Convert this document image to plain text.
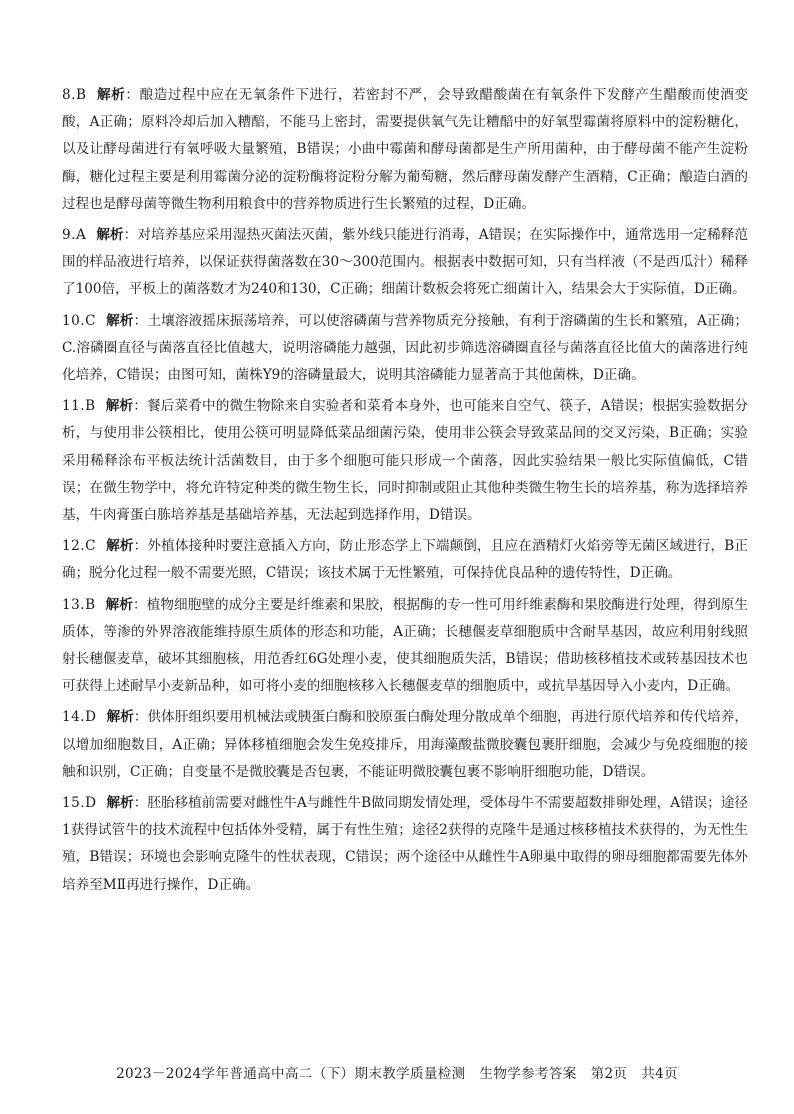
8.B 解析：酿造过程中应在无氧条件下进行，若密封不严，会导致醋酸菌在有氧条件下发酵产生醋酸而使酒变酸，A正确；原料冷却后加入糟醅，不能马上密封，需要提供氧气先让糟醅中的好氧型霉菌将原料中的淀粉糖化，以及让酵母菌进行有氧呼吸大量繁殖，B错误；小曲中霉菌和酵母菌都是生产所用菌种，由于酵母菌不能产生淀粉酶，糖化过程主要是利用霉菌分泌的淀粉酶将淀粉分解为葡萄糖，然后酵母菌发酵产生酒精，C正确；酿造白酒的过程也是酵母菌等微生物利用粮食中的营养物质进行生长繁殖的过程，D正确。

9.A 解析：对培养基应采用湿热灭菌法灭菌，紫外线只能进行消毒，A错误；在实际操作中，通常选用一定稀释范围的样品液进行培养，以保证获得菌落数在30～300范围内。根据表中数据可知，只有当样液（不是西瓜汁）稀释了100倍，平板上的菌落数才为240和130，C正确；细菌计数板会将死亡细菌计入，结果会大于实际值，D正确。

10.C 解析：土壤溶液摇床振荡培养，可以使溶磷菌与营养物质充分接触，有利于溶磷菌的生长和繁殖，A正确；C.溶磷圈直径与菌落直径比值越大，说明溶磷能力越强，因此初步筛选溶磷圈直径与菌落直径比值大的菌落进行纯化培养，C错误；由图可知，菌株Y9的溶磷量最大，说明其溶磷能力显著高于其他菌株，D正确。

11.B 解析：餐后菜肴中的微生物除来自实验者和菜肴本身外，也可能来自空气、筷子，A错误；根据实验数据分析，与使用非公筷相比，使用公筷可明显降低菜品细菌污染，使用非公筷会导致菜品间的交叉污染，B正确；实验采用稀释涂布平板法统计活菌数目，由于多个细胞可能只形成一个菌落，因此实验结果一般比实际值偏低，C错误；在微生物学中，将允许特定种类的微生物生长，同时抑制或阻止其他种类微生物生长的培养基，称为选择培养基，牛肉膏蛋白胨培养基是基础培养基，无法起到选择作用，D错误。

12.C 解析：外植体接种时要注意插入方向，防止形态学上下端颠倒，且应在酒精灯火焰旁等无菌区域进行，B正确；脱分化过程一般不需要光照，C错误；该技术属于无性繁殖，可保持优良品种的遗传特性，D正确。

13.B 解析：植物细胞壁的成分主要是纤维素和果胶，根据酶的专一性可用纤维素酶和果胶酶进行处理，得到原生质体，等渗的外界溶液能维持原生质体的形态和功能，A正确；长穗偃麦草细胞质中含耐旱基因，故应利用射线照射长穗偃麦草，破坏其细胞核，用范香红6G处理小麦，使其细胞质失活，B错误；借助核移植技术或转基因技术也可获得上述耐旱小麦新品种，如可将小麦的细胞核移入长穗偃麦草的细胞质中，或抗旱基因导入小麦内，D正确。

14.D 解析：供体肝组织要用机械法或胰蛋白酶和胶原蛋白酶处理分散成单个细胞，再进行原代培养和传代培养，以增加细胞数目，A正确；异体移植细胞会发生免疫排斥，用海藻酸盐微胶囊包裹肝细胞，会减少与免疫细胞的接触和识别，C正确；自变量不是微胶囊是否包裹，不能证明微胶囊包裹不影响肝细胞功能，D错误。

15.D 解析：胚胎移植前需要对雌性牛A与雌性牛B做同期发情处理，受体母牛不需要超数排卵处理，A错误；途径1获得试管牛的技术流程中包括体外受精，属于有性生殖；途径2获得的克隆牛是通过核移植技术获得的，为无性生殖，B错误；环境也会影响克隆牛的性状表现，C错误；两个途径中从雌性牛A卵巢中取得的卵母细胞都需要先体外培养至MⅡ再进行操作，D正确。

2023－2024学年普通高中高二（下）期末教学质量检测　生物学参考答案　第2页　共4页
